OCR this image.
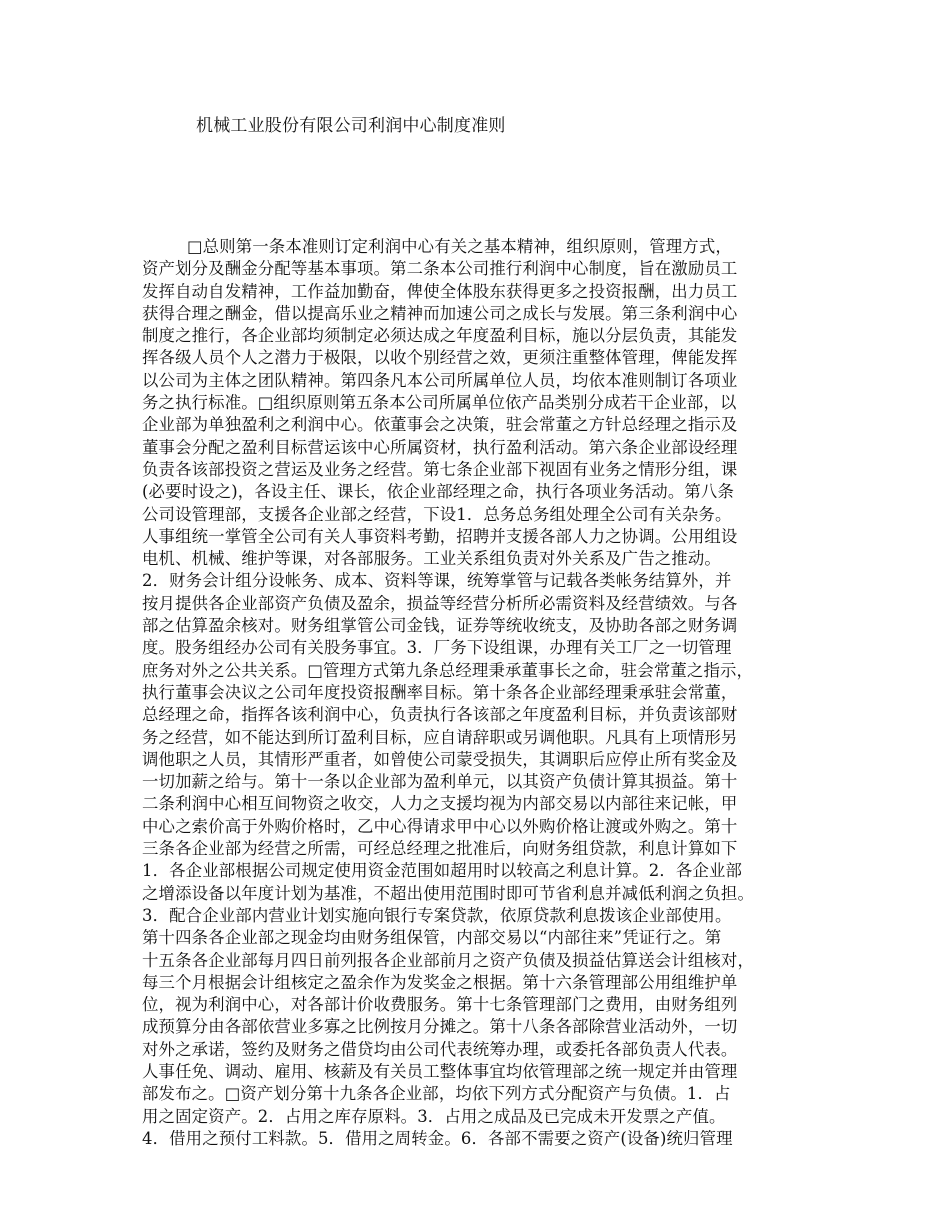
机械工业股份有限公司利润中心制度准则
□总则第一条本准则订定利润中心有关之基本精神，组织原则，管理方式，
资产划分及酬金分配等基本事项。第二条本公司推行利润中心制度，旨在激励员工
发挥自动自发精神，工作益加勤奋，俾使全体股东获得更多之投资报酬，出力员工
获得合理之酬金，借以提高乐业之精神而加速公司之成长与发展。第三条利润中心
制度之推行，各企业部均须制定必须达成之年度盈利目标，施以分层负责，其能发
挥各级人员个人之潜力于极限，以收个别经营之效，更须注重整体管理，俾能发挥
以公司为主体之团队精神。第四条凡本公司所属单位人员，均依本准则制订各项业
务之执行标准。□组织原则第五条本公司所属单位依产品类别分成若干企业部，以
企业部为单独盈利之利润中心。依董事会之决策，驻会常董之方针总经理之指示及
董事会分配之盈利目标营运该中心所属资材，执行盈利活动。第六条企业部设经理
负责各该部投资之营运及业务之经营。第七条企业部下视固有业务之情形分组，课
(必要时设之)，各设主任、课长，依企业部经理之命，执行各项业务活动。第八条
公司设管理部，支援各企业部之经营，下设1．总务总务组处理全公司有关杂务。
人事组统一掌管全公司有关人事资料考勤，招聘并支援各部人力之协调。公用组设
电机、机械、维护等课，对各部服务。工业关系组负责对外关系及广告之推动。
2．财务会计组分设帐务、成本、资料等课，统筹掌管与记载各类帐务结算外，并
按月提供各企业部资产负债及盈余，损益等经营分析所必需资料及经营绩效。与各
部之估算盈余核对。财务组掌管公司金钱，证券等统收统支，及协助各部之财务调
度。股务组经办公司有关股务事宜。3．厂务下设组课，办理有关工厂之一切管理
庶务对外之公共关系。□管理方式第九条总经理秉承董事长之命，驻会常董之指示，
执行董事会决议之公司年度投资报酬率目标。第十条各企业部经理秉承驻会常董，
总经理之命，指挥各该利润中心，负责执行各该部之年度盈利目标，并负责该部财
务之经营，如不能达到所订盈利目标，应自请辞职或另调他职。凡具有上项情形另
调他职之人员，其情形严重者，如曾使公司蒙受损失，其调职后应停止所有奖金及
一切加薪之给与。第十一条以企业部为盈利单元，以其资产负债计算其损益。第十
二条利润中心相互间物资之收交，人力之支援均视为内部交易以内部往来记帐，甲
中心之索价高于外购价格时，乙中心得请求甲中心以外购价格让渡或外购之。第十
三条各企业部为经营之所需，可经总经理之批准后，向财务组贷款，利息计算如下
1．各企业部根据公司规定使用资金范围如超用时以较高之利息计算。2．各企业部
之增添设备以年度计划为基准，不超出使用范围时即可节省利息并减低利润之负担。
3．配合企业部内营业计划实施向银行专案贷款，依原贷款利息拨该企业部使用。
第十四条各企业部之现金均由财务组保管，内部交易以“内部往来”凭证行之。第
十五条各企业部每月四日前列报各企业部前月之资产负债及损益估算送会计组核对，
每三个月根据会计组核定之盈余作为发奖金之根据。第十六条管理部公用组维护单
位，视为利润中心，对各部计价收费服务。第十七条管理部门之费用，由财务组列
成预算分由各部依营业多寡之比例按月分摊之。第十八条各部除营业活动外，一切
对外之承诺，签约及财务之借贷均由公司代表统筹办理，或委托各部负责人代表。
人事任免、调动、雇用、核薪及有关员工整体事宜均依管理部之统一规定并由管理
部发布之。□资产划分第十九条各企业部，均依下列方式分配资产与负债。1．占
用之固定资产。2．占用之库存原料。3．占用之成品及已完成未开发票之产值。
4．借用之预付工料款。5．借用之周转金。6．各部不需要之资产(设备)统归管理
